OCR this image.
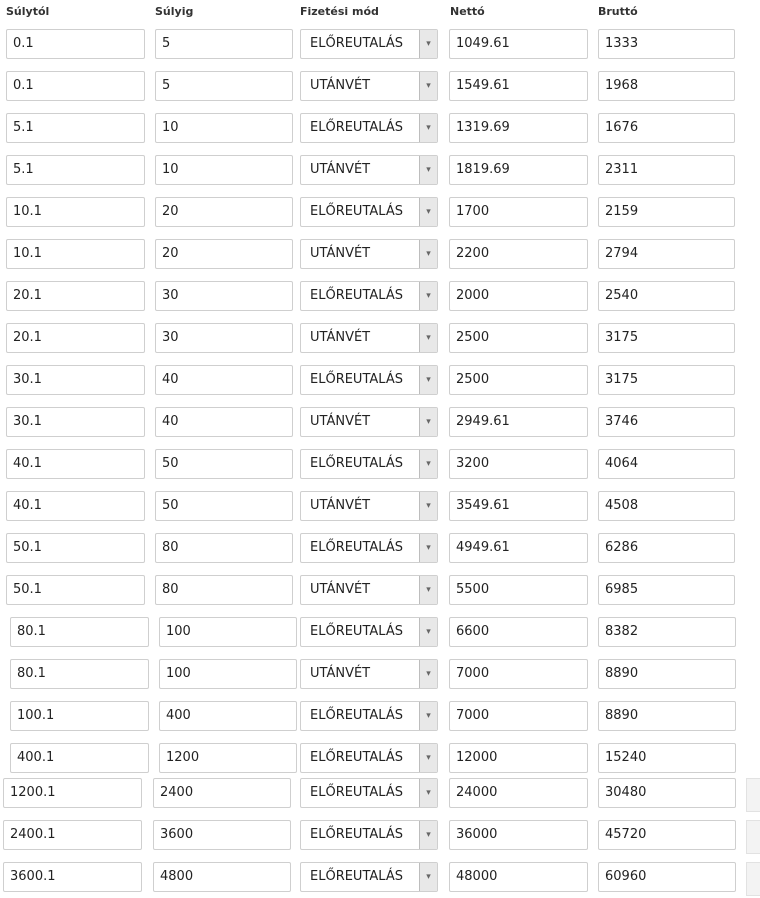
Súlytól	Súlyig	Fizetési mód	Nettó	Bruttó
0.1	5	ELŐREUTALÁS	▾	1049.61	1333
0.1	5	UTÁNVÉT	▾	1549.61	1968
5.1	10	ELŐREUTALÁS	▾	1319.69	1676
5.1	10	UTÁNVÉT	▾	1819.69	2311
10.1	20	ELŐREUTALÁS	▾	1700	2159
10.1	20	UTÁNVÉT	▾	2200	2794
20.1	30	ELŐREUTALÁS	▾	2000	2540
20.1	30	UTÁNVÉT	▾	2500	3175
30.1	40	ELŐREUTALÁS	▾	2500	3175
30.1	40	UTÁNVÉT	▾	2949.61	3746
40.1	50	ELŐREUTALÁS	▾	3200	4064
40.1	50	UTÁNVÉT	▾	3549.61	4508
50.1	80	ELŐREUTALÁS	▾	4949.61	6286
50.1	80	UTÁNVÉT	▾	5500	6985
80.1	100	ELŐREUTALÁS	▾	6600	8382
80.1	100	UTÁNVÉT	▾	7000	8890
100.1	400	ELŐREUTALÁS	▾	7000	8890
400.1	1200	ELŐREUTALÁS	▾	12000	15240
1200.1	2400	ELŐREUTALÁS	▾	24000	30480
2400.1	3600	ELŐREUTALÁS	▾	36000	45720
3600.1	4800	ELŐREUTALÁS	▾	48000	60960
